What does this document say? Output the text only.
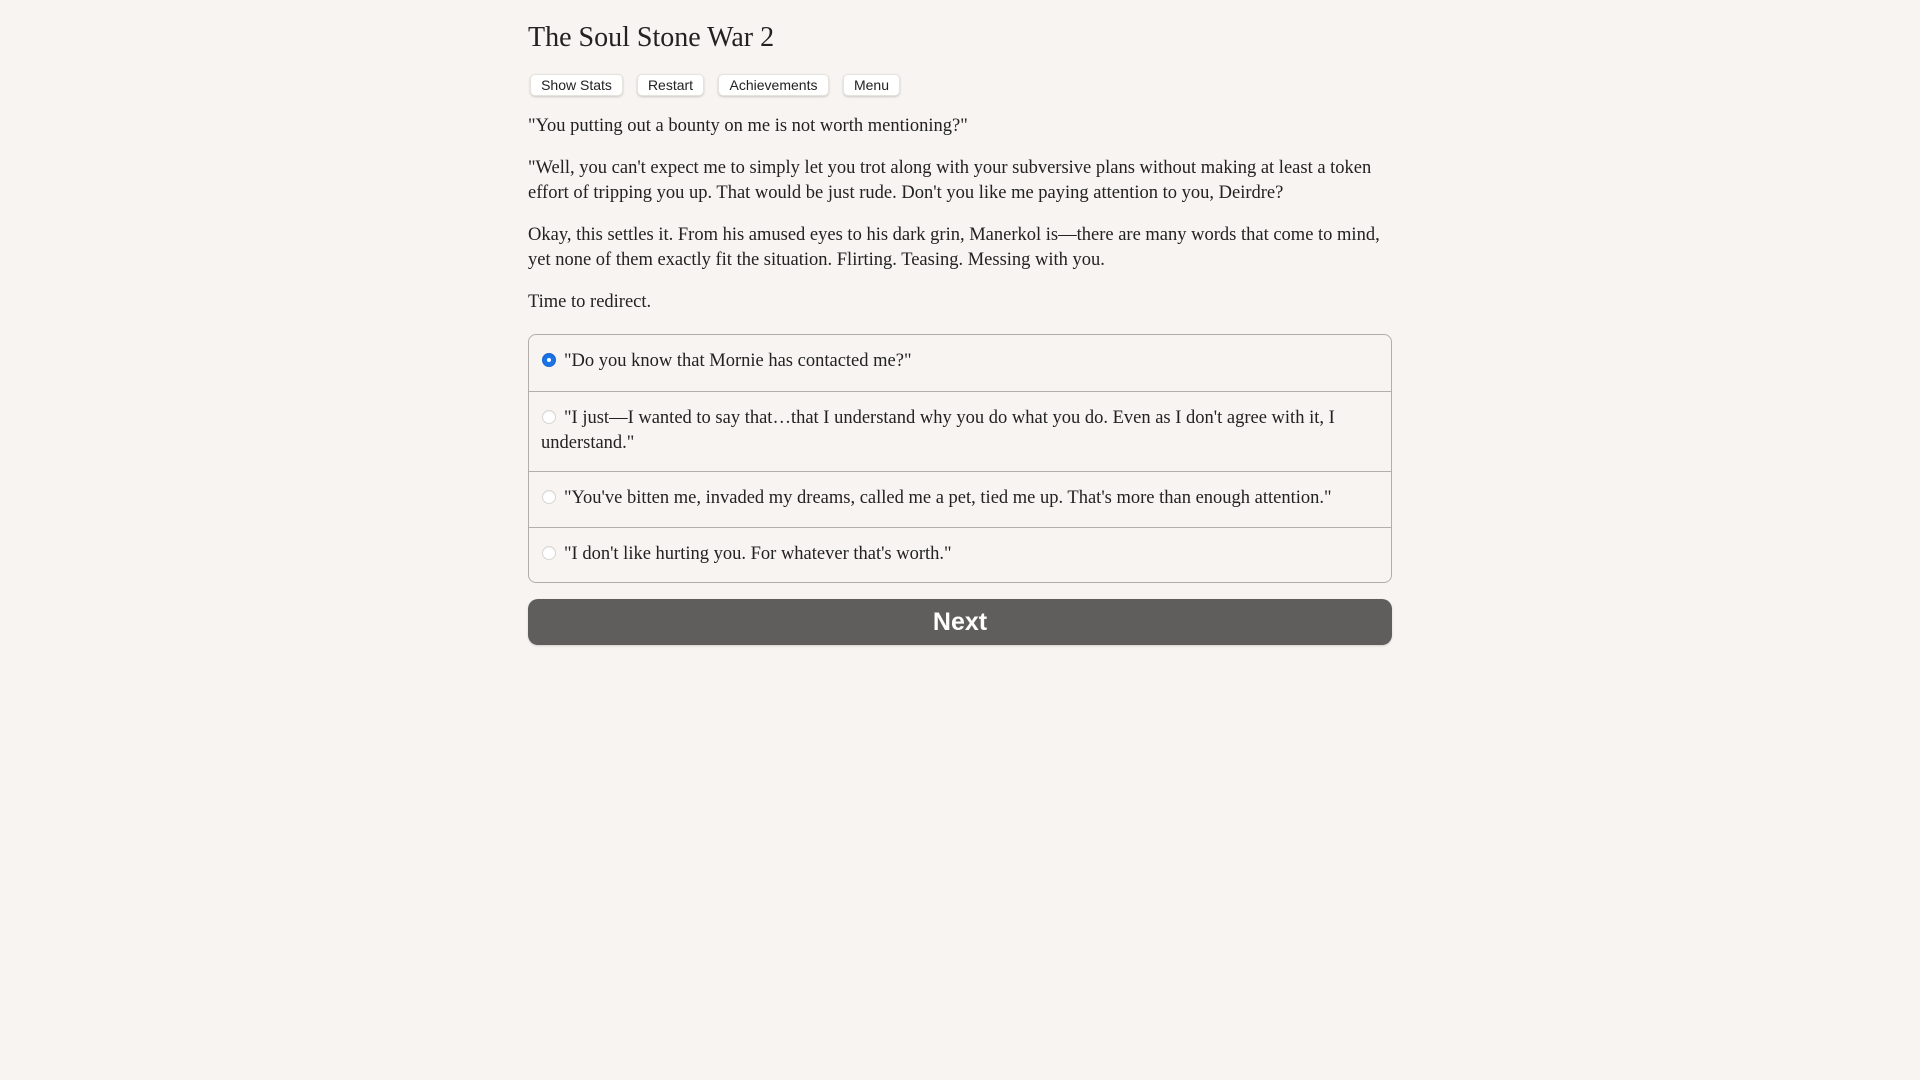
The Soul Stone War 2
Show Stats	Restart	Achievements	Menu

"You putting out a bounty on me is not worth mentioning?"

"Well, you can't expect me to simply let you trot along with your subversive plans without making at least a token effort of tripping you up. That would be just rude. Don't you like me paying attention to you, Deirdre?

Okay, this settles it. From his amused eyes to his dark grin, Manerkol is—there are many words that come to mind, yet none of them exactly fit the situation. Flirting. Teasing. Messing with you.

Time to redirect.

"Do you know that Mornie has contacted me?"
"I just—I wanted to say that…that I understand why you do what you do. Even as I don't agree with it, I understand."
"You've bitten me, invaded my dreams, called me a pet, tied me up. That's more than enough attention."
"I don't like hurting you. For whatever that's worth."
Next
